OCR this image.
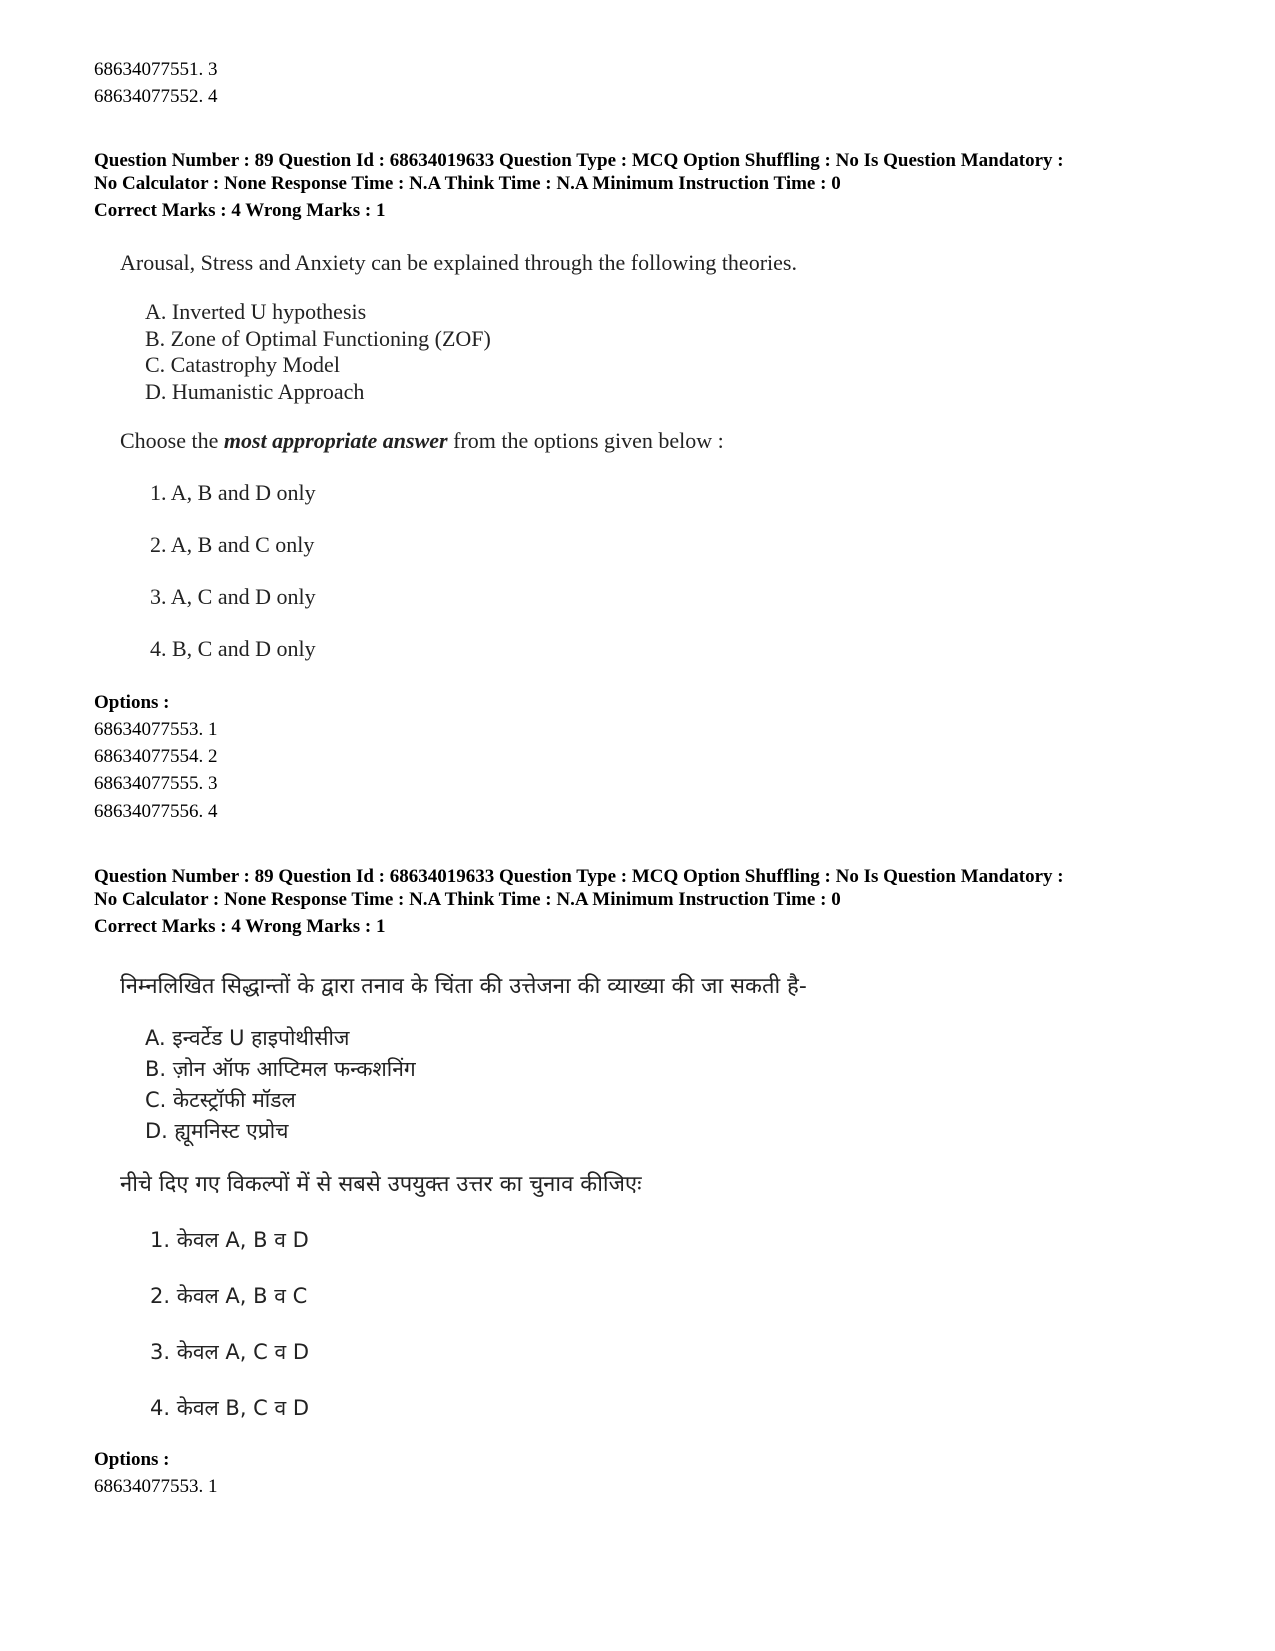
68634077551. 3
68634077552. 4
Question Number : 89 Question Id : 68634019633 Question Type : MCQ Option Shuffling : No Is Question Mandatory :
No Calculator : None Response Time : N.A Think Time : N.A Minimum Instruction Time : 0
Correct Marks : 4 Wrong Marks : 1
Arousal, Stress and Anxiety can be explained through the following theories.
A. Inverted U hypothesis
B. Zone of Optimal Functioning (ZOF)
C. Catastrophy Model
D. Humanistic Approach
Choose the most appropriate answer from the options given below :
1. A, B and D only
2. A, B and C only
3. A, C and D only
4. B, C and D only
Options :
68634077553. 1
68634077554. 2
68634077555. 3
68634077556. 4
Question Number : 89 Question Id : 68634019633 Question Type : MCQ Option Shuffling : No Is Question Mandatory :
No Calculator : None Response Time : N.A Think Time : N.A Minimum Instruction Time : 0
Correct Marks : 4 Wrong Marks : 1
निम्नलिखित सिद्धान्तों के द्वारा तनाव के चिंता की उत्तेजना की व्याख्या की जा सकती है-
A. इन्वर्टेड U हाइपोथीसीज
B. ज़ोन ऑफ आप्टिमल फन्कशनिंग
C. केटस्ट्रॉफी मॉडल
D. ह्यूमनिस्ट एप्रोच
नीचे दिए गए विकल्पों में से सबसे उपयुक्त उत्तर का चुनाव कीजिएः
1. केवल A, B व D
2. केवल A, B व C
3. केवल A, C व D
4. केवल B, C व D
Options :
68634077553. 1
